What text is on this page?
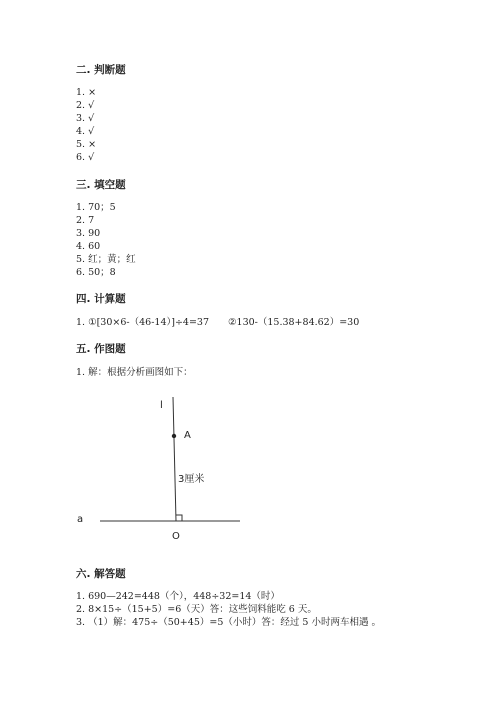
二. 判断题
1. ×
2. √
3. √
4. √
5. ×
6. √
三. 填空题
1. 70；5
2. 7
3. 90
4. 60
5. 红；黄；红
6. 50；8
四. 计算题
1. ①[30×6-（46-14）]÷4=37　　②130-（15.38+84.62）=30
五. 作图题
1. 解：根据分析画图如下：
l
A
3厘米
a
O
六. 解答题
1. 690—242=448（个），448÷32=14（时）
2. 8×15÷（15+5）=6（天）答：这些饲料能吃 6 天。
3. （1）解：475÷（50+45）=5（小时）答：经过 5 小时两车相遇 。
